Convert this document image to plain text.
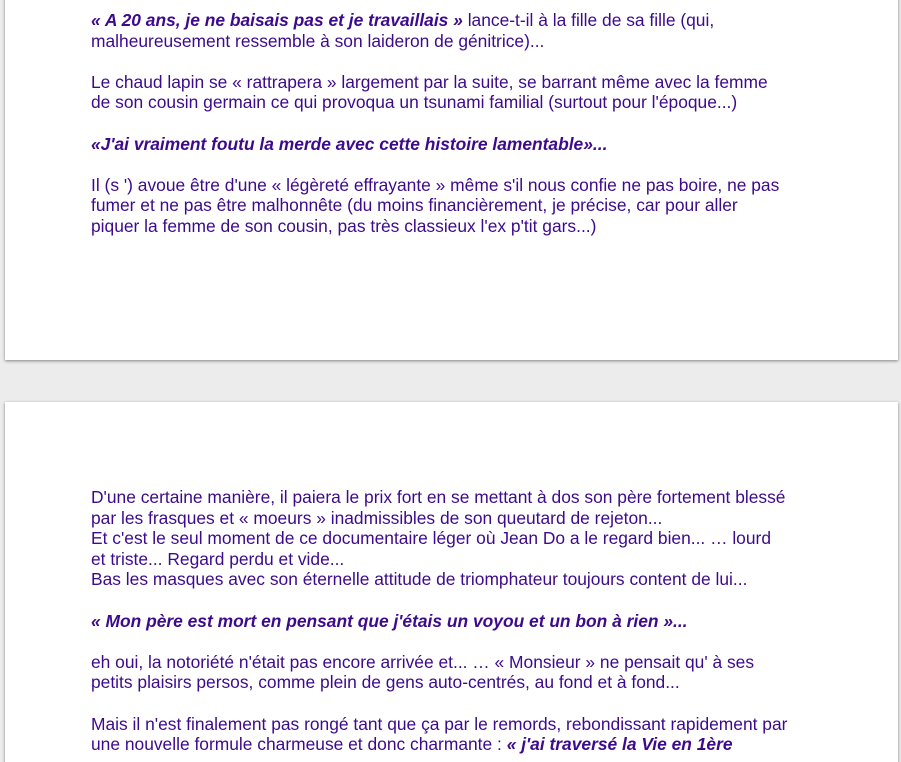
« A 20 ans, je ne baisais pas et je travaillais » lance-t-il à la fille de sa fille (qui,
malheureusement ressemble à son laideron de génitrice)...

Le chaud lapin se « rattrapera » largement par la suite, se barrant même avec la femme
de son cousin germain ce qui provoqua un tsunami familial (surtout pour l'époque...)

«J'ai vraiment foutu la merde avec cette histoire lamentable»...

Il (s ') avoue être d'une « légèreté effrayante » même s'il nous confie ne pas boire, ne pas
fumer et ne pas être malhonnête (du moins financièrement, je précise, car pour aller
piquer la femme de son cousin, pas très classieux l'ex p'tit gars...)

D'une certaine manière, il paiera le prix fort en se mettant à dos son père fortement blessé
par les frasques et « moeurs » inadmissibles de son queutard de rejeton...
Et c'est le seul moment de ce documentaire léger où Jean Do a le regard bien... … lourd
et triste... Regard perdu et vide...
Bas les masques avec son éternelle attitude de triomphateur toujours content de lui...

« Mon père est mort en pensant que j'étais un voyou et un bon à rien »...

eh oui, la notoriété n'était pas encore arrivée et... … « Monsieur » ne pensait qu' à ses
petits plaisirs persos, comme plein de gens auto-centrés, au fond et à fond...

Mais il n'est finalement pas rongé tant que ça par le remords, rebondissant rapidement par
une nouvelle formule charmeuse et donc charmante : « j'ai traversé la Vie en 1ère
